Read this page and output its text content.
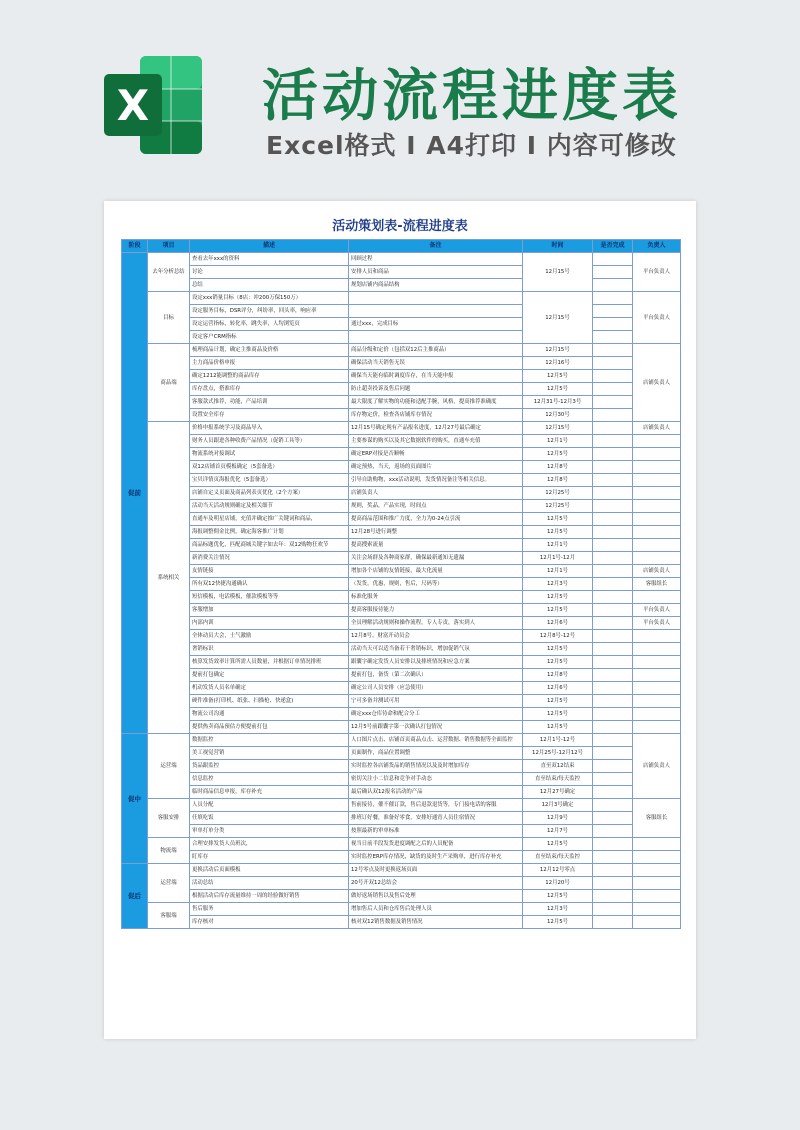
X 活动流程进度表
Excel格式 I A4打印 I 内容可修改
活动策划表-流程进度表
阶段	项目	描述	备注	时间	是否完成	负责人
促前	去年分析总结	查看去年xxx的资料	回顾过程	12月15号		平台负责人
		讨论	安排人员和商品			
		总结	规划店铺内商品结构			
	目标	设定xxx销量目标（8店：冲200万保150万）		12月15号		平台负责人
		设定服务目标，DSR评分，纠纷率，回头率，响应率				
		设定运营指标，转化率，跳失率，人均浏览页	通过xxx，完成目标			
		设定客户CRM指标				
	商品端	梳理商品计划，确定主推商品及价格	商品分级和定价（包括双12后主推商品）	12月15号		店铺负责人
		主力商品价格申报	确保活动当天销售无误	12月16号		
		确定1212能调整的商品库存	确保当天能有临时调度库存，在当天能申报	12月5号		
		库存盘点，搭准库存	防止超卖投诉及售后问题	12月5号		
		客服款式推荐，功能，产品培训	最大限度了解实物的功能和适配手腕，风格，提高推荐准确度	12月31号-12月3号		
		设置安全库存	库存物定价，检查各店铺库存情况	12月30号		
	系统相关	价格申报系统学习及商品导入	12月15号确定现有产品报名进度，12月27号最后确定	12月15号		店铺负责人
		财务人员跟进各种收费产品情况（促销工具等）	主要参谋的购买以及其它数据软件的购买，直通车充值	12月1号		
		物流系统对接调试	确定ERP对接是否顺畅	12月5号		
		双12店铺首页模板确定（5套备选）	确定预热，当天，返场的页面图片	12月8号		
		宝贝详情页海报优化（5套备选）	引导自助购物，xxx活动说明，发货情况备注等相关信息。	12月8号		
		店铺自定义页面及商品列表页优化（2个方案）	店铺负责人	12月25号		
		活动当天活动规则确定及相关细节	规则，奖品，产品实现，时间点	12月25号		
		直通车及明星店铺，充值并确定推广关键词和商品，	提高商品范围和推广力度，全力为0-24点引流	12月5号		
		海报调整佣金比例，确定海客推广计划	12月28号进行调整	12月5号		
		商品标题优化，匹配商城关键字如去年：双12购物狂欢节	提高搜索流量	12月1号		
		新消费关注情况	关注会场群及各种商家群，确保最新通知无遗漏	12月1号-12月		
		友情链接	增加各个店铺的友情链接，最大化流量	12月1号		店铺负责人
		所有双12快捷沟通确认	（发货，优惠，规则，售后，尺码等）	12月3号		客服组长
		短信模板，电话模板，催款模板等等	标准化服务	12月5号		
		客服增加	提高客服接待能力	12月5号		平台负责人
		内部内训	全员理解活动规则和操作流程，专人专责，落实到人	12月6号		平台负责人
		全体动员大会，士气激励	12月8号，财富开动员会	12月8号-12号		
		奢销标识	活动当天可以适当备若干奢销标识，增加促销气氛	12月5号		
		核算发货效率计算所需人员数量，并根据订单情况排班	跟囊字确定发货人员安排以及排班情况和应急方案	12月5号		
		提前打包确定	提前打包，备货（第二次确认）	12月8号		
		机动发货人员名单确定	确定公司人员安排（应急使用）	12月6号		
		硬件准备(打印机、纸张、扫描枪、快递盒)	宁可多备并测试可用	12月5号		
		物流公司沟通	确定xxx仓库待命和配合分工	12月5号		
		提供热卖商品预估方便提前打包	12月5号前跟囊字第一次确认打包情况	12月5号		
促中	运营端	数据监控	人口图片点击、店铺首页商品点击、运营数据、销售数据等全面监控	12月1号-12号		店铺负责人
		美工视觉营销	页面制作，商品位置调整	12月25号-12月12号		
		货品跟监控	实时监控各店铺货品的销售情况以及及时增加库存	直至双12结束		
		信息监控	密切关注小二信息和竞争对手动态	直至结束/每天监控		
		临时商品信息申报，库存补充	最后确认双12报名活动的产品	12月27号确定		
	客服安排	人员分配	售前接待，催不催订款，售后退款退货等，专门接电话的客服	12月3号确定		客服组长
		任填吃饭	排班订好餐，准备好零食，安排好通宵人员住宿情况	12月9号		
		审单打单分类	按照最新的审单标准	12月7号		
	物流端	合理安排发货人员班次，	视当日前半段发货进度调配之后的人员配备	12月5号		
		盯库存	实时监控ERP库存情况，缺货的及时生产采购单，进行库存补充	直至结束/每天监控		
促后	运营端	更换活动后页面模板	12号零点及时更换返场页面	12月12号零点		
		活动总结	20号开双12总结会	12月20号		
		根据活动后库存流量维持一周的经验做好销售	做好返场销售以及售后处理	12月5号		
	客服端	售后服务	增加售后人员和仓库售后处理人员	12月3号		
		库存核对	核对双12销售数据及销售情况	12月5号		
